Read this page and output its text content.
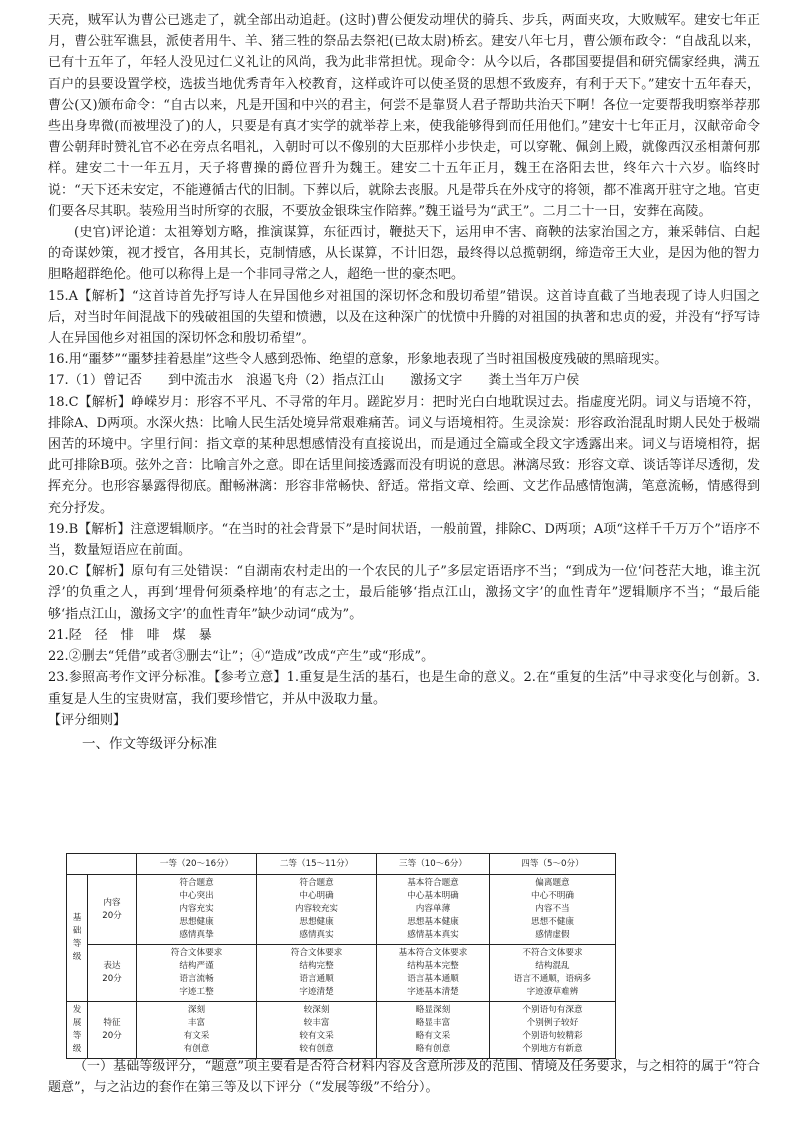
天亮，贼军认为曹公已逃走了，就全部出动追赶。(这时)曹公便发动埋伏的骑兵、步兵，两面夹攻，大败贼军。建安七年正月，曹公驻军谯县，派使者用牛、羊、猪三牲的祭品去祭祀(已故太尉)桥玄。建安八年七月，曹公颁布政令：“自战乱以来，已有十五年了，年轻人没见过仁义礼让的风尚，我为此非常担忧。现命令：从今以后，各郡国要提倡和研究儒家经典，满五百户的县要设置学校，选拔当地优秀青年入校教育，这样或许可以使圣贤的思想不致废弃，有利于天下。”建安十五年春天，曹公(又)颁布命令：“自古以来，凡是开国和中兴的君主，何尝不是靠贤人君子帮助共治天下啊！各位一定要帮我明察举荐那些出身卑微(而被埋没了)的人，只要是有真才实学的就举荐上来，使我能够得到而任用他们。”建安十七年正月，汉献帝命令曹公朝拜时赞礼官不必在旁点名唱礼，入朝时可以不像别的大臣那样小步快走，可以穿靴、佩剑上殿，就像西汉丞相萧何那样。建安二十一年五月，天子将曹操的爵位晋升为魏王。建安二十五年正月，魏王在洛阳去世，终年六十六岁。临终时说：“天下还未安定，不能遵循古代的旧制。下葬以后，就除去丧服。凡是带兵在外戍守的将领，都不准离开驻守之地。官吏们要各尽其职。装殓用当时所穿的衣服，不要放金银珠宝作陪葬。”魏王谥号为“武王”。二月二十一日，安葬在高陵。

(史官)评论道：太祖筹划方略，推演谋算，东征西讨，鞭挞天下，运用申不害、商鞅的法家治国之方，兼采韩信、白起的奇谋妙策，视才授官，各用其长，克制情感，从长谋算，不计旧怨，最终得以总揽朝纲，缔造帝王大业，是因为他的智力胆略超群绝伦。他可以称得上是一个非同寻常之人，超绝一世的豪杰吧。

15.A【解析】“这首诗首先抒写诗人在异国他乡对祖国的深切怀念和殷切希望”错误。这首诗直截了当地表现了诗人归国之后，对当时年间混战下的残破祖国的失望和愤懑，以及在这种深广的忧愤中升腾的对祖国的执著和忠贞的爱，并没有“抒写诗人在异国他乡对祖国的深切怀念和殷切希望”。

16.用“噩梦”“噩梦挂着悬崖”这些令人感到恐怖、绝望的意象，形象地表现了当时祖国极度残破的黑暗现实。

17.（1）曾记否　　到中流击水　浪遏飞舟（2）指点江山　　激扬文字　　粪土当年万户侯

18.C【解析】峥嵘岁月：形容不平凡、不寻常的年月。蹉跎岁月：把时光白白地耽误过去。指虚度光阴。词义与语境不符，排除A、D两项。水深火热：比喻人民生活处境异常艰难痛苦。词义与语境相符。生灵涂炭：形容政治混乱时期人民处于极端困苦的环境中。字里行间：指文章的某种思想感情没有直接说出，而是通过全篇或全段文字透露出来。词义与语境相符，据此可排除B项。弦外之音：比喻言外之意。即在话里间接透露而没有明说的意思。淋漓尽致：形容文章、谈话等详尽透彻，发挥充分。也形容暴露得彻底。酣畅淋漓：形容非常畅快、舒适。常指文章、绘画、文艺作品感情饱满，笔意流畅，情感得到充分抒发。

19.B【解析】注意逻辑顺序。“在当时的社会背景下”是时间状语，一般前置，排除C、D两项；A项“这样千千万万个”语序不当，数量短语应在前面。

20.C【解析】原句有三处错误：“自湖南农村走出的一个农民的儿子”多层定语语序不当；“到成为一位‘问苍茫大地，谁主沉浮’的负重之人，再到‘埋骨何须桑梓地’的有志之士，最后能够‘指点江山，激扬文字’的血性青年”逻辑顺序不当；“最后能够‘指点江山，激扬文字’的血性青年”缺少动词“成为”。

21.陉　径　悱　啡　煤　暴

22.②删去“凭借”或者③删去“让”；④“造成”改成“产生”或“形成”。

23.参照高考作文评分标准。【参考立意】1.重复是生活的基石，也是生命的意义。2.在“重复的生活”中寻求变化与创新。3.重复是人生的宝贵财富，我们要珍惜它，并从中汲取力量。

【评分细则】

一、作文等级评分标准

		一等（20～16分）	二等（15～11分）	三等（10～6分）	四等（5～0分）

基
础
等
级	内容
20分	符合题意
中心突出
内容充实
思想健康
感情真挚	符合题意
中心明确
内容较充实
思想健康
感情真实	基本符合题意
中心基本明确
内容单薄
思想基本健康
感情基本真实	偏离题意
中心不明确
内容不当
思想不健康
感情虚假

	表达
20分	符合文体要求
结构严谨
语言流畅
字迹工整	符合文体要求
结构完整
语言通顺
字迹清楚	基本符合文体要求
结构基本完整
语言基本通顺
字迹基本清楚	不符合文体要求
结构混乱
语言不通顺，语病多
字迹潦草难辨

发
展
等
级	特征
20分	深刻
丰富
有文采
有创意	较深刻
较丰富
较有文采
较有创意	略显深刻
略显丰富
略有文采
略有创意	个别语句有深意
个别例子较好
个别语句较精彩
个别地方有新意

（一）基础等级评分，“题意”项主要看是否符合材料内容及含意所涉及的范围、情境及任务要求，与之相符的属于“符合题意”，与之沾边的套作在第三等及以下评分（“发展等级”不给分）。
